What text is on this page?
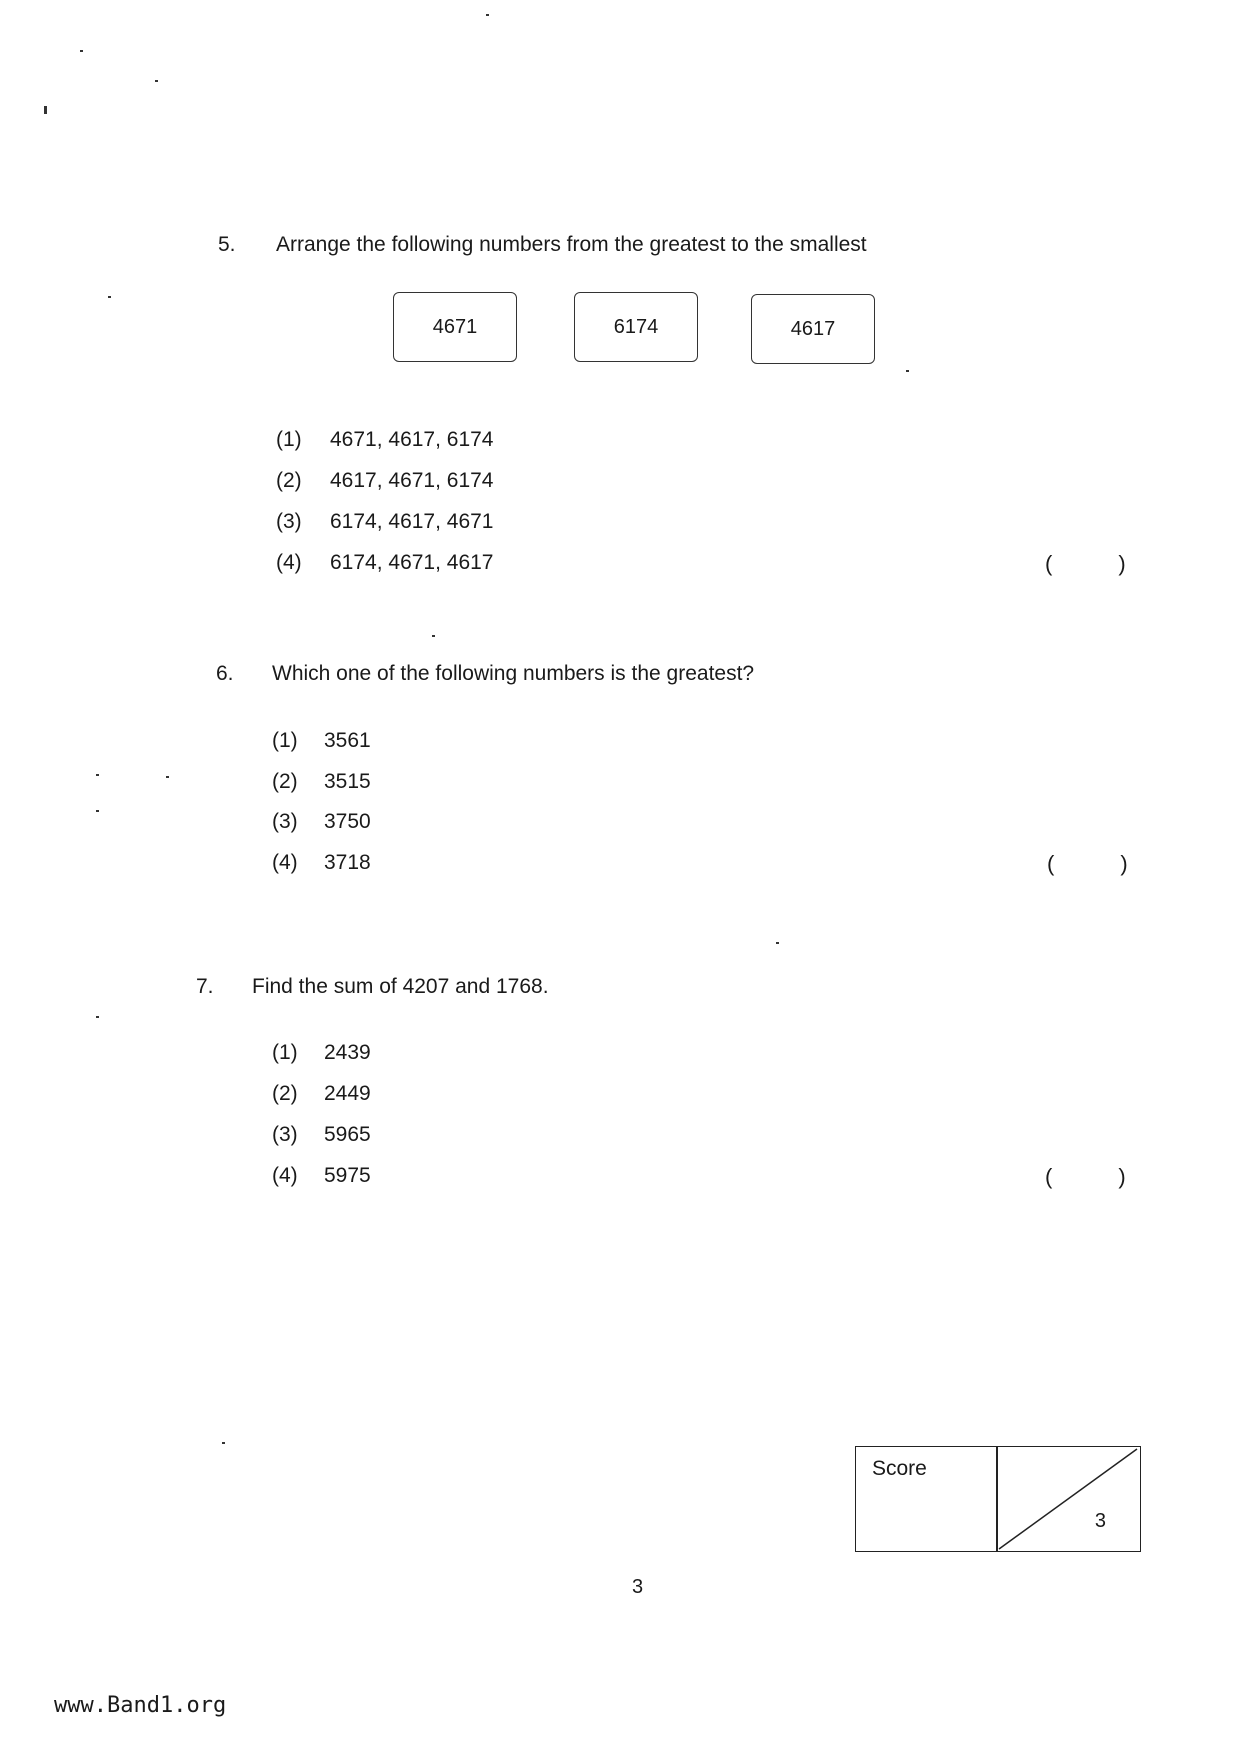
5. Arrange the following numbers from the greatest to the smallest
4671	6174	4617
(1) 4671, 4617, 6174
(2) 4617, 4671, 6174
(3) 6174, 4617, 4671
(4) 6174, 4671, 4617	(	)
6. Which one of the following numbers is the greatest?
(1) 3561
(2) 3515
(3) 3750
(4) 3718	(	)
7. Find the sum of 4207 and 1768.
(1) 2439
(2) 2449
(3) 5965
(4) 5975	(	)
Score
3
3
www.Band1.org
